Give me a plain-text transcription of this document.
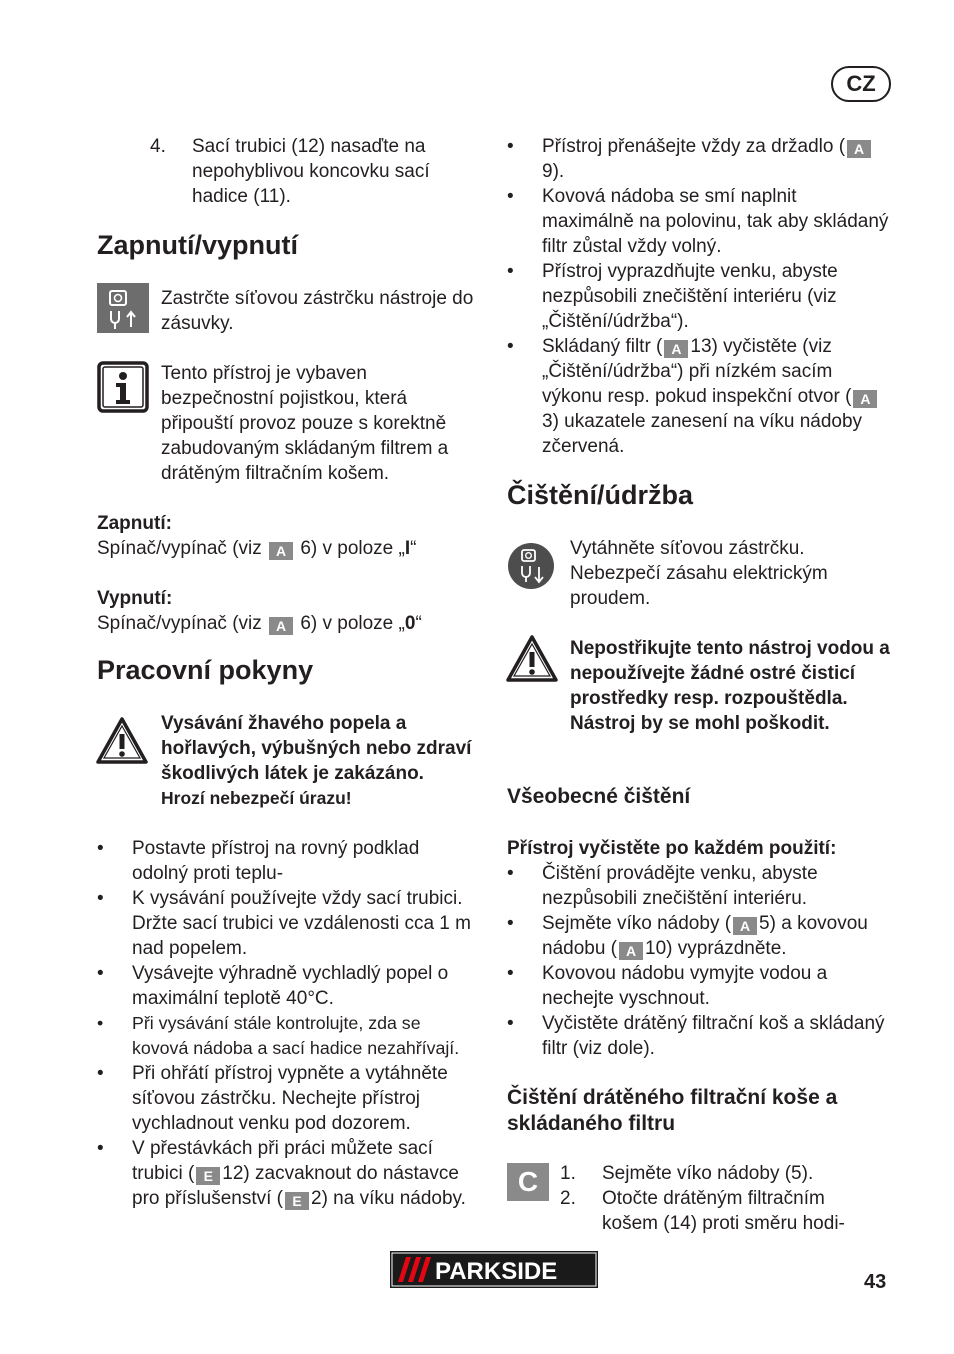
CZ
4. Sací trubici (12) nasaďte na nepohyblivou koncovku sací hadice (11).
Zapnutí/vypnutí
Zastrčte síťovou zástrčku nástroje do zásuvky.
Tento přístroj je vybaven bezpečnostní pojistkou, která připouští provoz pouze s korektně zabudovaným skládaným filtrem a drátěným filtračním košem.
Zapnutí:
Spínač/vypínač (viz A 6) v poloze „I“
Vypnutí:
Spínač/vypínač (viz A 6) v poloze „0“
Pracovní pokyny
Vysávání žhavého popela a hořlavých, výbušných nebo zdraví škodlivých látek je zakázáno.
Hrozí nebezpečí úrazu!
• Postavte přístroj na rovný podklad odolný proti teplu-
• K vysávání používejte vždy sací trubici. Držte sací trubici ve vzdálenosti cca 1 m nad popelem.
• Vysávejte výhradně vychladlý popel o maximální teplotě 40°C.
• Při vysávání stále kontrolujte, zda se kovová nádoba a sací hadice nezahřívají.
• Při ohřátí přístroj vypněte a vytáhněte síťovou zástrčku. Nechejte přístroj vychladnout venku pod dozorem.
• V přestávkách při práci můžete sací trubici ( E 12) zacvaknout do nástavce pro příslušenství ( E 2) na víku nádoby.
• Přístroj přenášejte vždy za držadlo ( A9).
• Kovová nádoba se smí naplnit maximálně na polovinu, tak aby skládaný filtr zůstal vždy volný.
• Přístroj vyprazdňujte venku, abyste nezpůsobili znečištění interiéru (viz „Čištění/údržba“).
• Skládaný filtr ( A 13) vyčistěte (viz „Čištění/údržba“) při nízkém sacím výkonu resp. pokud inspekční otvor ( A3) ukazatele zanesení na víku nádoby zčervená.
Čištění/údržba
Vytáhněte síťovou zástrčku. Nebezpečí zásahu elektrickým proudem.
Nepostřikujte tento nástroj vodou a nepoužívejte žádné ostré čisticí prostředky resp. rozpouštědla. Nástroj by se mohl poškodit.
Všeobecné čištění
Přístroj vyčistěte po každém použití:
• Čištění provádějte venku, abyste nezpůsobili znečištění interiéru.
• Sejměte víko nádoby ( A 5) a kovovou nádobu ( A 10) vyprázdněte.
• Kovovou nádobu vymyjte vodou a nechejte vyschnout.
• Vyčistěte drátěný filtrační koš a skládaný filtr (viz dole).
Čištění drátěného filtrační koše a skládaného filtru
C	1. Sejměte víko nádoby (5).
2. Otočte drátěným filtračním košem (14) proti směru hodi-
PARKSIDE	43
